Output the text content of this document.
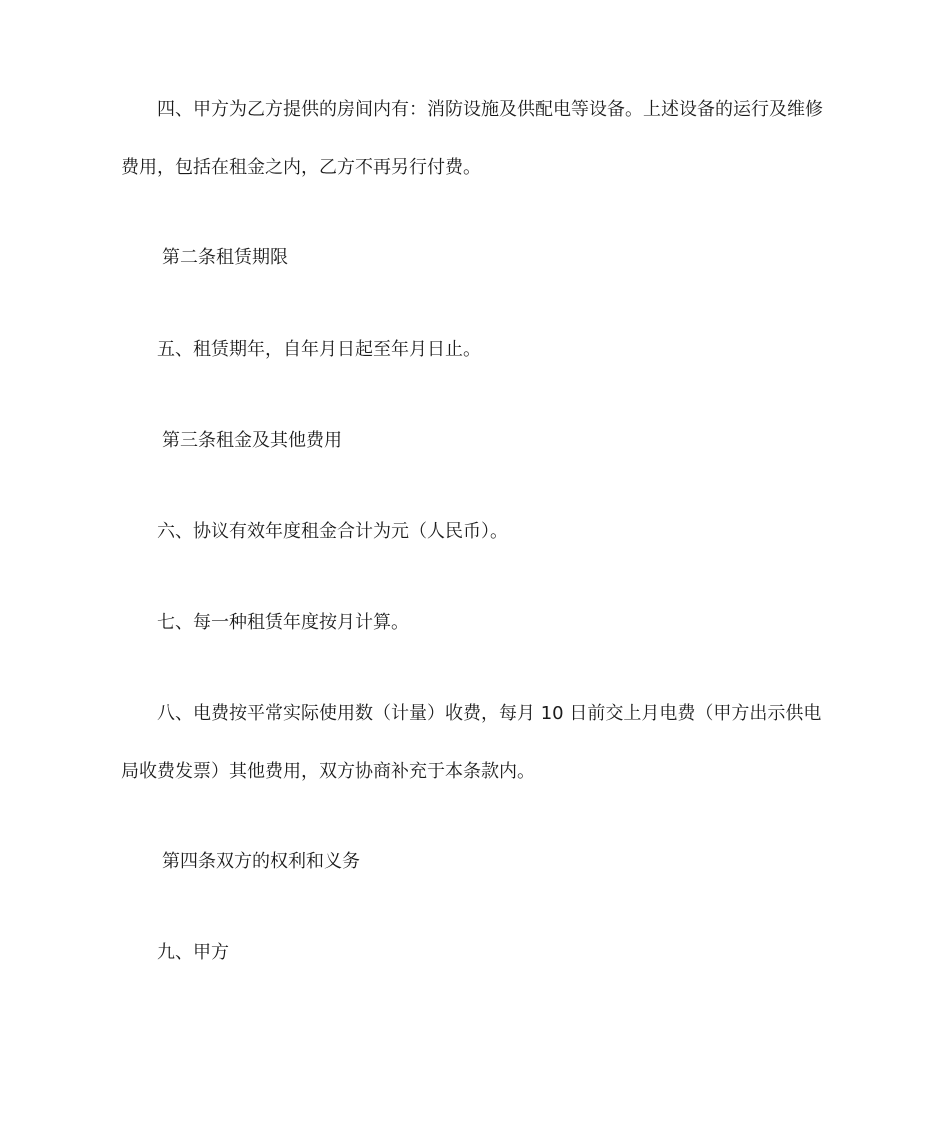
四、甲方为乙方提供的房间内有：消防设施及供配电等设备。上述设备的运行及维修

费用，包括在租金之内，乙方不再另行付费。

第二条租赁期限

五、租赁期年，自年月日起至年月日止。

第三条租金及其他费用

六、协议有效年度租金合计为元（人民币）。

七、每一种租赁年度按月计算。

八、电费按平常实际使用数（计量）收费，每月 10 日前交上月电费（甲方出示供电

局收费发票）其他费用，双方协商补充于本条款内。

第四条双方的权利和义务

九、甲方
